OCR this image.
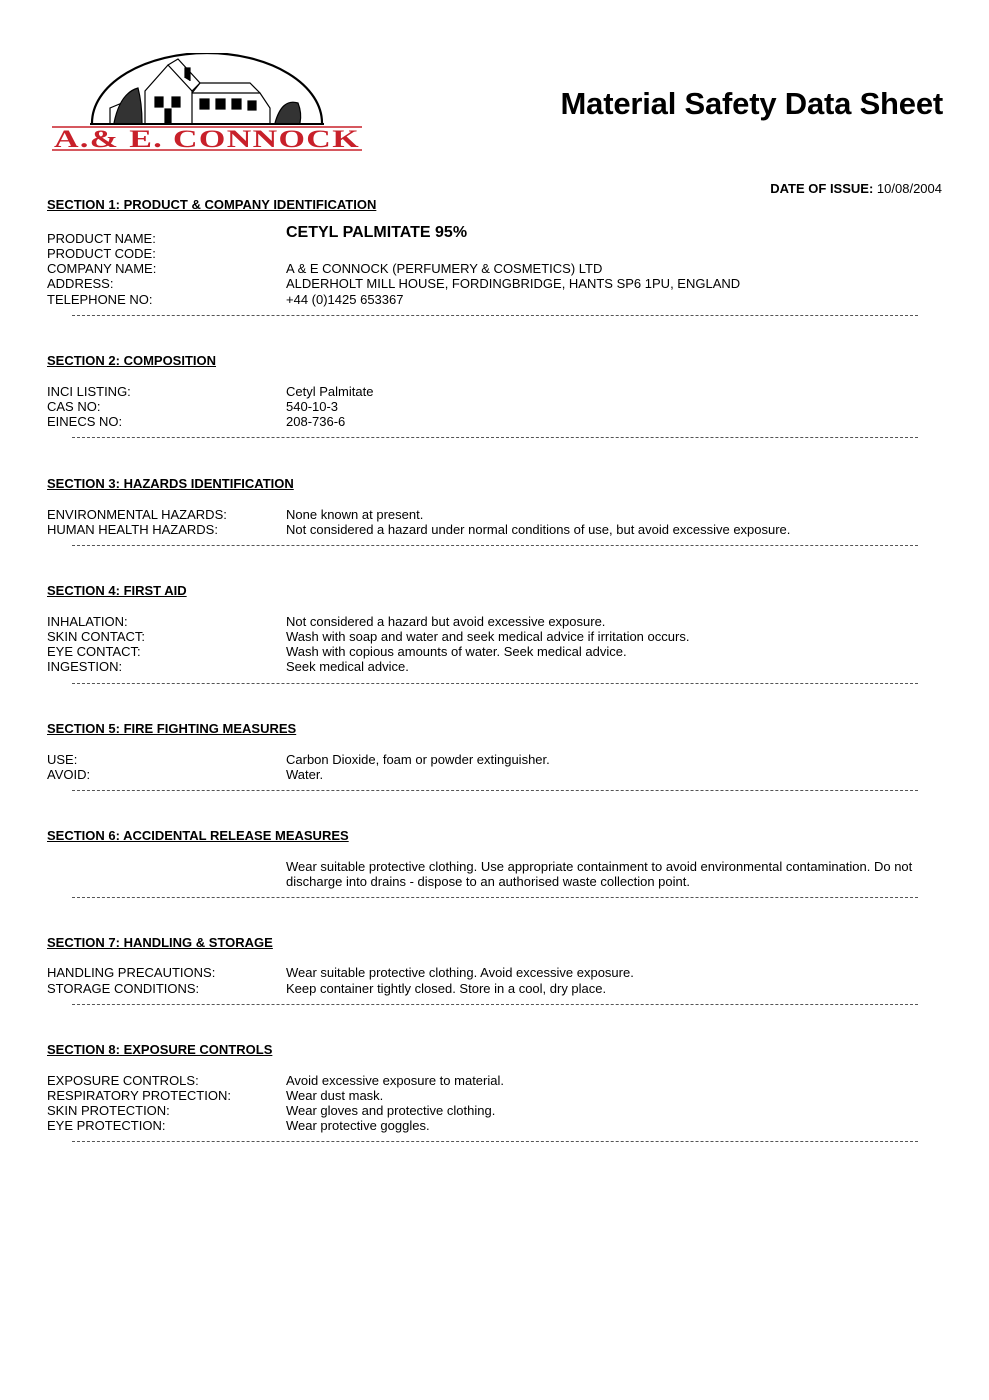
A.& E. CONNOCK
Material Safety Data Sheet
DATE OF ISSUE: 10/08/2004
SECTION 1: PRODUCT & COMPANY IDENTIFICATION
PRODUCT NAME:	CETYL PALMITATE 95%
PRODUCT CODE:
COMPANY NAME:	A & E CONNOCK (PERFUMERY & COSMETICS) LTD
ADDRESS:	ALDERHOLT MILL HOUSE, FORDINGBRIDGE, HANTS SP6 1PU, ENGLAND
TELEPHONE NO:	+44 (0)1425 653367
SECTION 2: COMPOSITION
INCI LISTING:	Cetyl Palmitate
CAS NO:	540-10-3
EINECS NO:	208-736-6
SECTION 3: HAZARDS IDENTIFICATION
ENVIRONMENTAL HAZARDS:	None known at present.
HUMAN HEALTH HAZARDS:	Not considered a hazard under normal conditions of use, but avoid excessive exposure.
SECTION 4: FIRST AID
INHALATION:	Not considered a hazard but avoid excessive exposure.
SKIN CONTACT:	Wash with soap and water and seek medical advice if irritation occurs.
EYE CONTACT:	Wash with copious amounts of water. Seek medical advice.
INGESTION:	Seek medical advice.
SECTION 5: FIRE FIGHTING MEASURES
USE:	Carbon Dioxide, foam or powder extinguisher.
AVOID:	Water.
SECTION 6: ACCIDENTAL RELEASE MEASURES
Wear suitable protective clothing. Use appropriate containment to avoid environmental contamination. Do not discharge into drains - dispose to an authorised waste collection point.
SECTION 7: HANDLING & STORAGE
HANDLING PRECAUTIONS:	Wear suitable protective clothing. Avoid excessive exposure.
STORAGE CONDITIONS:	Keep container tightly closed. Store in a cool, dry place.
SECTION 8: EXPOSURE CONTROLS
EXPOSURE CONTROLS:	Avoid excessive exposure to material.
RESPIRATORY PROTECTION:	Wear dust mask.
SKIN PROTECTION:	Wear gloves and protective clothing.
EYE PROTECTION:	Wear protective goggles.
